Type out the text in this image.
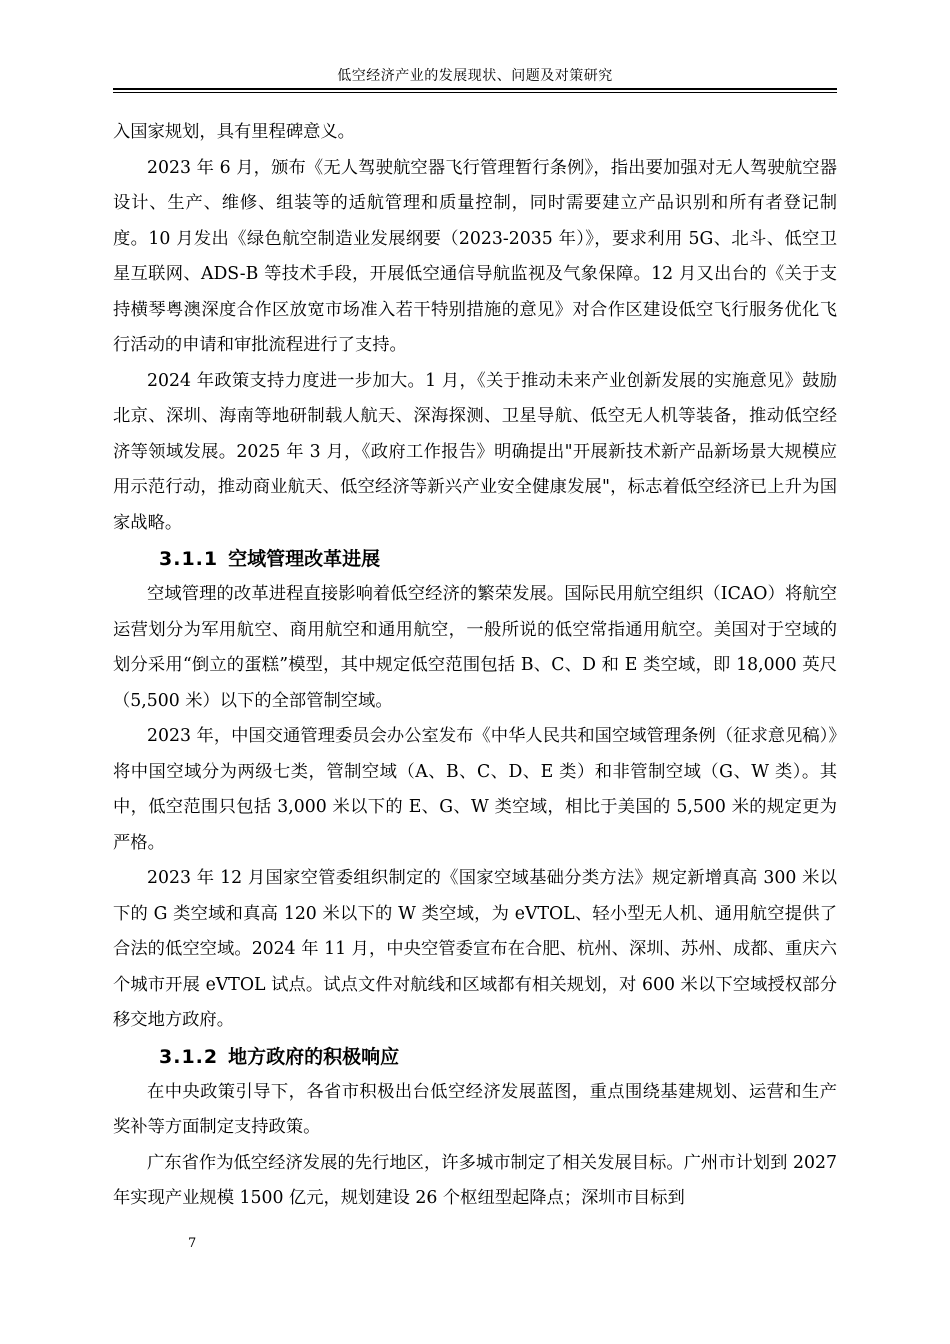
低空经济产业的发展现状、问题及对策研究

入国家规划，具有里程碑意义。

2023 年 6 月，颁布《无人驾驶航空器飞行管理暂行条例》，指出要加强对无人驾驶航空器设计、生产、维修、组装等的适航管理和质量控制，同时需要建立产品识别和所有者登记制度。10 月发出《绿色航空制造业发展纲要（2023-2035 年）》，要求利用 5G、北斗、低空卫星互联网、ADS-B 等技术手段，开展低空通信导航监视及气象保障。12 月又出台的《关于支持横琴粤澳深度合作区放宽市场准入若干特别措施的意见》对合作区建设低空飞行服务优化飞行活动的申请和审批流程进行了支持。

2024 年政策支持力度进一步加大。1 月，《关于推动未来产业创新发展的实施意见》鼓励北京、深圳、海南等地研制载人航天、深海探测、卫星导航、低空无人机等装备，推动低空经济等领域发展。2025 年 3 月，《政府工作报告》明确提出"开展新技术新产品新场景大规模应用示范行动，推动商业航天、低空经济等新兴产业安全健康发展"，标志着低空经济已上升为国家战略。

3.1.1 空域管理改革进展

空域管理的改革进程直接影响着低空经济的繁荣发展。国际民用航空组织（ICAO）将航空运营划分为军用航空、商用航空和通用航空，一般所说的低空常指通用航空。美国对于空域的划分采用“倒立的蛋糕”模型，其中规定低空范围包括 B、C、D 和 E 类空域，即 18,000 英尺（5,500 米）以下的全部管制空域。

2023 年，中国交通管理委员会办公室发布《中华人民共和国空域管理条例（征求意见稿）》将中国空域分为两级七类，管制空域（A、B、C、D、E 类）和非管制空域（G、W 类）。其中，低空范围只包括 3,000 米以下的 E、G、W 类空域，相比于美国的 5,500 米的规定更为严格。

2023 年 12 月国家空管委组织制定的《国家空域基础分类方法》规定新增真高 300 米以下的 G 类空域和真高 120 米以下的 W 类空域，为 eVTOL、轻小型无人机、通用航空提供了合法的低空空域。2024 年 11 月，中央空管委宣布在合肥、杭州、深圳、苏州、成都、重庆六个城市开展 eVTOL 试点。试点文件对航线和区域都有相关规划，对 600 米以下空域授权部分移交地方政府。

3.1.2 地方政府的积极响应

在中央政策引导下，各省市积极出台低空经济发展蓝图，重点围绕基建规划、运营和生产奖补等方面制定支持政策。

广东省作为低空经济发展的先行地区，许多城市制定了相关发展目标。广州市计划到 2027 年实现产业规模 1500 亿元，规划建设 26 个枢纽型起降点；深圳市目标到

7
